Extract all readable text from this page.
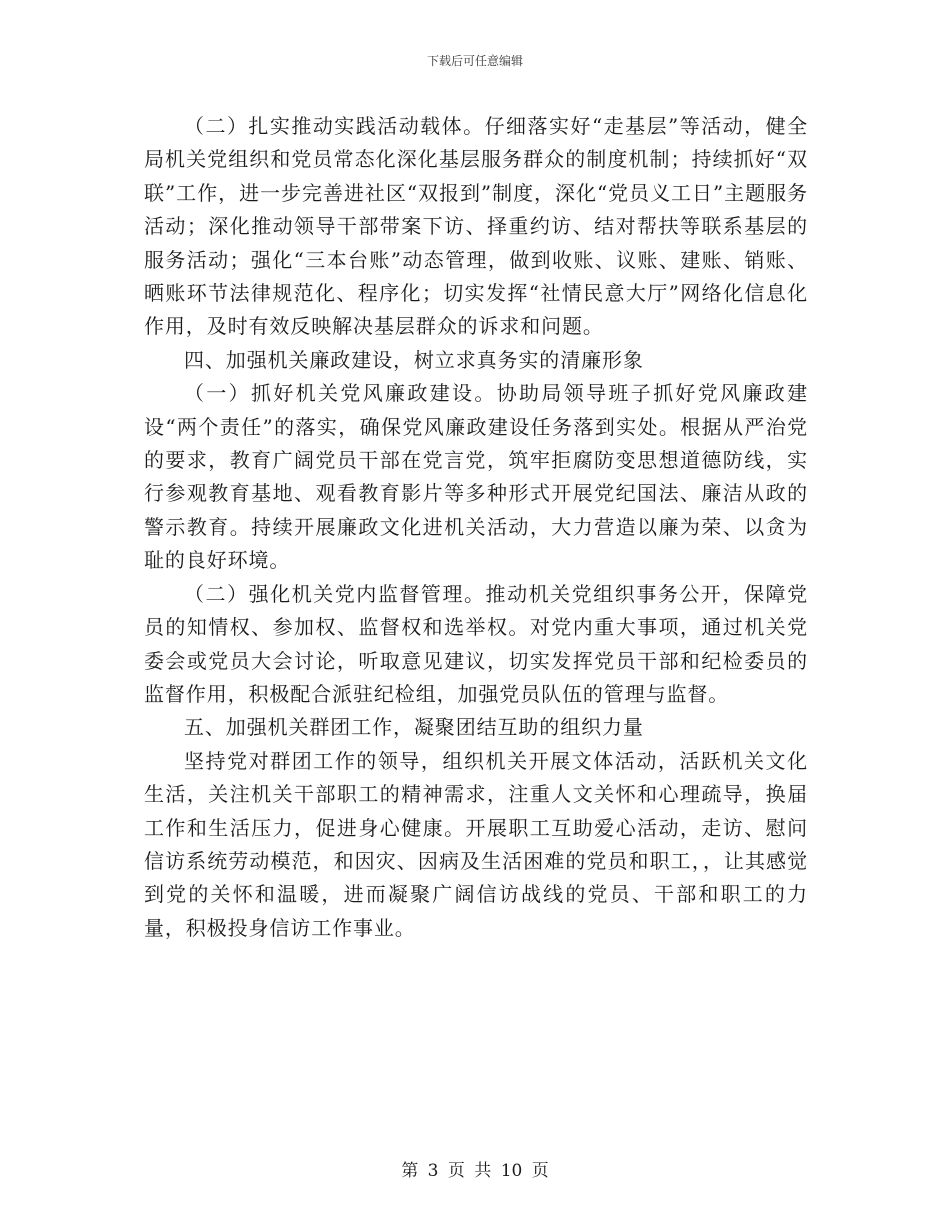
下载后可任意编辑

（二）扎实推动实践活动载体。仔细落实好“走基层”等活动，健全局机关党组织和党员常态化深化基层服务群众的制度机制；持续抓好“双联”工作，进一步完善进社区“双报到”制度，深化“党员义工日”主题服务活动；深化推动领导干部带案下访、择重约访、结对帮扶等联系基层的服务活动；强化“三本台账”动态管理，做到收账、议账、建账、销账、晒账环节法律规范化、程序化；切实发挥“社情民意大厅”网络化信息化作用，及时有效反映解决基层群众的诉求和问题。

四、加强机关廉政建设，树立求真务实的清廉形象

（一）抓好机关党风廉政建设。协助局领导班子抓好党风廉政建设“两个责任”的落实，确保党风廉政建设任务落到实处。根据从严治党的要求，教育广阔党员干部在党言党，筑牢拒腐防变思想道德防线，实行参观教育基地、观看教育影片等多种形式开展党纪国法、廉洁从政的警示教育。持续开展廉政文化进机关活动，大力营造以廉为荣、以贪为耻的良好环境。

（二）强化机关党内监督管理。推动机关党组织事务公开，保障党员的知情权、参加权、监督权和选举权。对党内重大事项，通过机关党委会或党员大会讨论，听取意见建议，切实发挥党员干部和纪检委员的监督作用，积极配合派驻纪检组，加强党员队伍的管理与监督。

五、加强机关群团工作，凝聚团结互助的组织力量

坚持党对群团工作的领导，组织机关开展文体活动，活跃机关文化生活，关注机关干部职工的精神需求，注重人文关怀和心理疏导，换届工作和生活压力，促进身心健康。开展职工互助爱心活动，走访、慰问信访系统劳动模范，和因灾、因病及生活困难的党员和职工，，让其感觉到党的关怀和温暖，进而凝聚广阔信访战线的党员、干部和职工的力量，积极投身信访工作事业。

第 3 页 共 10 页
